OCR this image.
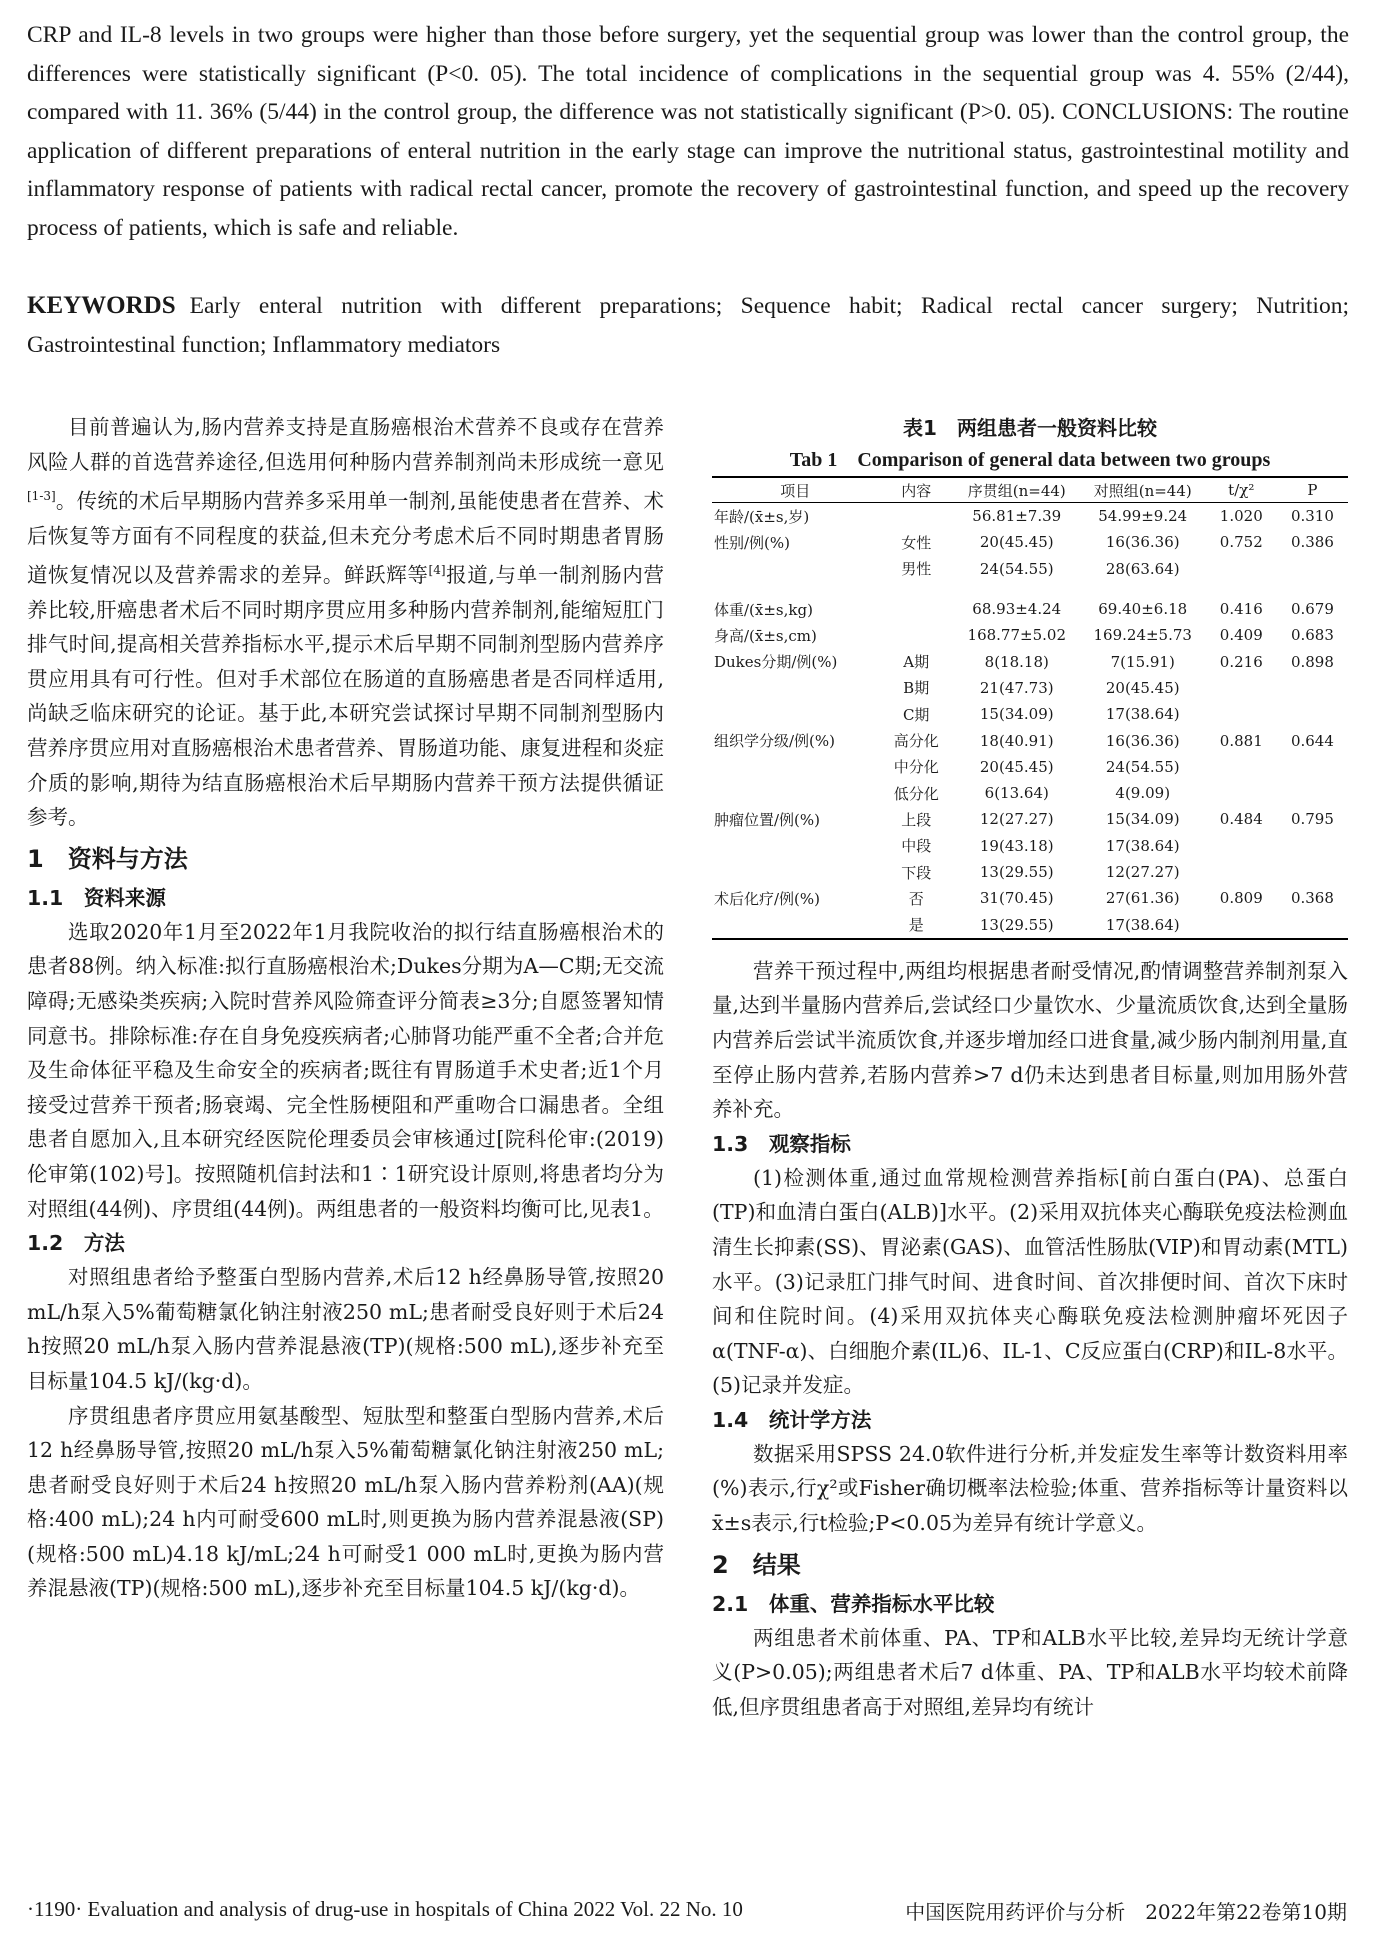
CRP and IL-8 levels in two groups were higher than those before surgery, yet the sequential group was lower than the control group, the differences were statistically significant (P<0. 05). The total incidence of complications in the sequential group was 4. 55% (2/44), compared with 11. 36% (5/44) in the control group, the difference was not statistically significant (P>0. 05). CONCLUSIONS: The routine application of different preparations of enteral nutrition in the early stage can improve the nutritional status, gastrointestinal motility and inflammatory response of patients with radical rectal cancer, promote the recovery of gastrointestinal function, and speed up the recovery process of patients, which is safe and reliable.

KEYWORDS Early enteral nutrition with different preparations; Sequence habit; Radical rectal cancer surgery; Nutrition; Gastrointestinal function; Inflammatory mediators

目前普遍认为,肠内营养支持是直肠癌根治术营养不良或存在营养风险人群的首选营养途径,但选用何种肠内营养制剂尚未形成统一意见[1-3]。传统的术后早期肠内营养多采用单一制剂,虽能使患者在营养、术后恢复等方面有不同程度的获益,但未充分考虑术后不同时期患者胃肠道恢复情况以及营养需求的差异。鲜跃辉等[4]报道,与单一制剂肠内营养比较,肝癌患者术后不同时期序贯应用多种肠内营养制剂,能缩短肛门排气时间,提高相关营养指标水平,提示术后早期不同制剂型肠内营养序贯应用具有可行性。但对手术部位在肠道的直肠癌患者是否同样适用,尚缺乏临床研究的论证。基于此,本研究尝试探讨早期不同制剂型肠内营养序贯应用对直肠癌根治术患者营养、胃肠道功能、康复进程和炎症介质的影响,期待为结直肠癌根治术后早期肠内营养干预方法提供循证参考。

1　资料与方法
1.1　资料来源

选取2020年1月至2022年1月我院收治的拟行结直肠癌根治术的患者88例。纳入标准:拟行直肠癌根治术;Dukes分期为A—C期;无交流障碍;无感染类疾病;入院时营养风险筛查评分简表≥3分;自愿签署知情同意书。排除标准:存在自身免疫疾病者;心肺肾功能严重不全者;合并危及生命体征平稳及生命安全的疾病者;既往有胃肠道手术史者;近1个月接受过营养干预者;肠衰竭、完全性肠梗阻和严重吻合口漏患者。全组患者自愿加入,且本研究经医院伦理委员会审核通过[院科伦审:(2019)伦审第(102)号]。按照随机信封法和1∶1研究设计原则,将患者均分为对照组(44例)、序贯组(44例)。两组患者的一般资料均衡可比,见表1。

1.2　方法

对照组患者给予整蛋白型肠内营养,术后12 h经鼻肠导管,按照20 mL/h泵入5%葡萄糖氯化钠注射液250 mL;患者耐受良好则于术后24 h按照20 mL/h泵入肠内营养混悬液(TP)(规格:500 mL),逐步补充至目标量104.5 kJ/(kg·d)。

序贯组患者序贯应用氨基酸型、短肽型和整蛋白型肠内营养,术后12 h经鼻肠导管,按照20 mL/h泵入5%葡萄糖氯化钠注射液250 mL;患者耐受良好则于术后24 h按照20 mL/h泵入肠内营养粉剂(AA)(规格:400 mL);24 h内可耐受600 mL时,则更换为肠内营养混悬液(SP)(规格:500 mL)4.18 kJ/mL;24 h可耐受1 000 mL时,更换为肠内营养混悬液(TP)(规格:500 mL),逐步补充至目标量104.5 kJ/(kg·d)。

表1　两组患者一般资料比较

Tab 1　Comparison of general data between two groups

项目	内容	序贯组(n=44)	对照组(n=44)	t/χ²	P
年龄/(x̄±s,岁)		56.81±7.39	54.99±9.24	1.020	0.310
性别/例(%)	女性	20(45.45)	16(36.36)	0.752	0.386
	男性	24(54.55)	28(63.64)		

体重/(x̄±s,kg)		68.93±4.24	69.40±6.18	0.416	0.679
身高/(x̄±s,cm)		168.77±5.02	169.24±5.73	0.409	0.683
Dukes分期/例(%)	A期	8(18.18)	7(15.91)	0.216	0.898
	B期	21(47.73)	20(45.45)		
	C期	15(34.09)	17(38.64)		
组织学分级/例(%)	高分化	18(40.91)	16(36.36)	0.881	0.644
	中分化	20(45.45)	24(54.55)		
	低分化	6(13.64)	4(9.09)		
肿瘤位置/例(%)	上段	12(27.27)	15(34.09)	0.484	0.795
	中段	19(43.18)	17(38.64)		
	下段	13(29.55)	12(27.27)		
术后化疗/例(%)	否	31(70.45)	27(61.36)	0.809	0.368
	是	13(29.55)	17(38.64)		

营养干预过程中,两组均根据患者耐受情况,酌情调整营养制剂泵入量,达到半量肠内营养后,尝试经口少量饮水、少量流质饮食,达到全量肠内营养后尝试半流质饮食,并逐步增加经口进食量,减少肠内制剂用量,直至停止肠内营养,若肠内营养>7 d仍未达到患者目标量,则加用肠外营养补充。

1.3　观察指标

(1)检测体重,通过血常规检测营养指标[前白蛋白(PA)、总蛋白(TP)和血清白蛋白(ALB)]水平。(2)采用双抗体夹心酶联免疫法检测血清生长抑素(SS)、胃泌素(GAS)、血管活性肠肽(VIP)和胃动素(MTL)水平。(3)记录肛门排气时间、进食时间、首次排便时间、首次下床时间和住院时间。(4)采用双抗体夹心酶联免疫法检测肿瘤坏死因子α(TNF-α)、白细胞介素(IL)6、IL-1、C反应蛋白(CRP)和IL-8水平。(5)记录并发症。

1.4　统计学方法

数据采用SPSS 24.0软件进行分析,并发症发生率等计数资料用率(%)表示,行χ²或Fisher确切概率法检验;体重、营养指标等计量资料以x̄±s表示,行t检验;P<0.05为差异有统计学意义。

2　结果
2.1　体重、营养指标水平比较

两组患者术前体重、PA、TP和ALB水平比较,差异均无统计学意义(P>0.05);两组患者术后7 d体重、PA、TP和ALB水平均较术前降低,但序贯组患者高于对照组,差异均有统计

·1190· Evaluation and analysis of drug-use in hospitals of China 2022 Vol. 22 No. 10	中国医院用药评价与分析　2022年第22卷第10期
